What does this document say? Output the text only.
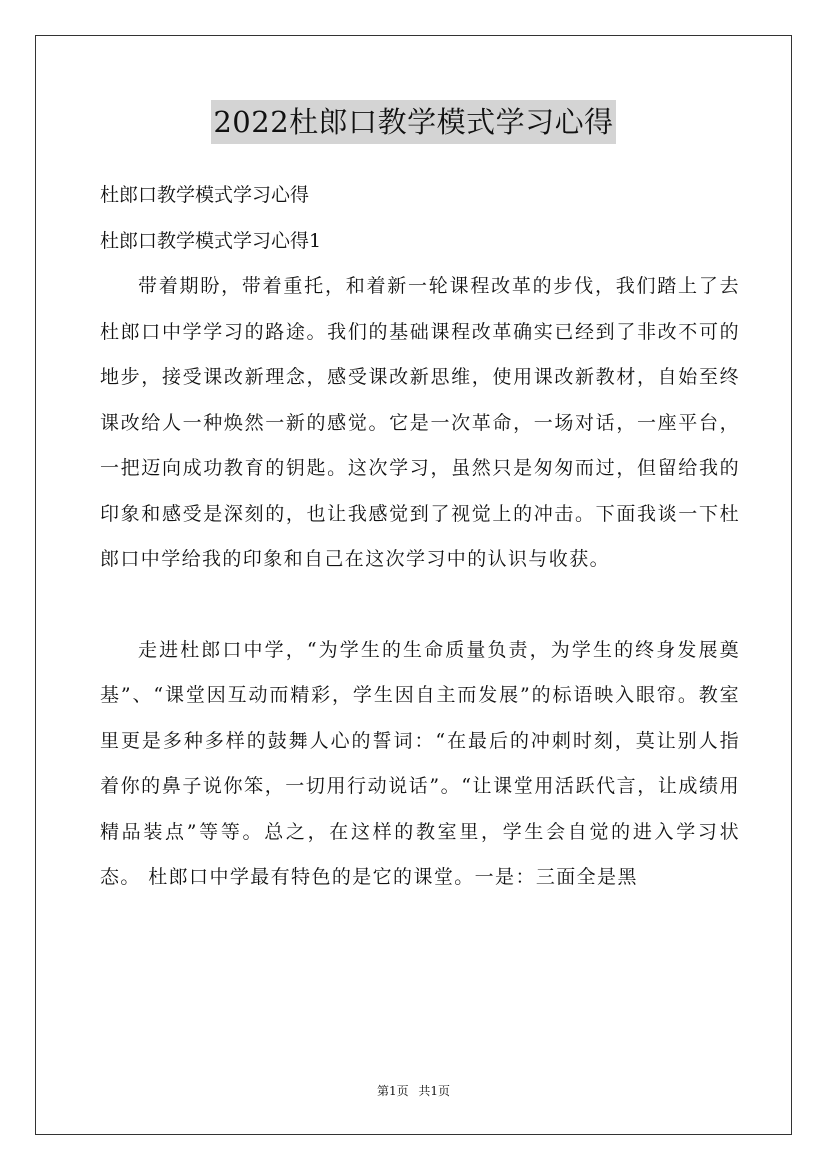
2022杜郎口教学模式学习心得
杜郎口教学模式学习心得
杜郎口教学模式学习心得1

带着期盼，带着重托，和着新一轮课程改革的步伐，我们踏上了去杜郎口中学学习的路途。我们的基础课程改革确实已经到了非改不可的地步，接受课改新理念，感受课改新思维，使用课改新教材，自始至终课改给人一种焕然一新的感觉。它是一次革命，一场对话，一座平台，一把迈向成功教育的钥匙。这次学习，虽然只是匆匆而过，但留给我的印象和感受是深刻的，也让我感觉到了视觉上的冲击。下面我谈一下杜郎口中学给我的印象和自己在这次学习中的认识与收获。

走进杜郎口中学，“为学生的生命质量负责，为学生的终身发展奠基”、“课堂因互动而精彩，学生因自主而发展”的标语映入眼帘。教室里更是多种多样的鼓舞人心的誓词：“在最后的冲刺时刻，莫让别人指着你的鼻子说你笨，一切用行动说话”。“让课堂用活跃代言，让成绩用精品装点”等等。总之，在这样的教室里，学生会自觉的进入学习状态。 杜郎口中学最有特色的是它的课堂。一是：三面全是黑

第1页 共1页
